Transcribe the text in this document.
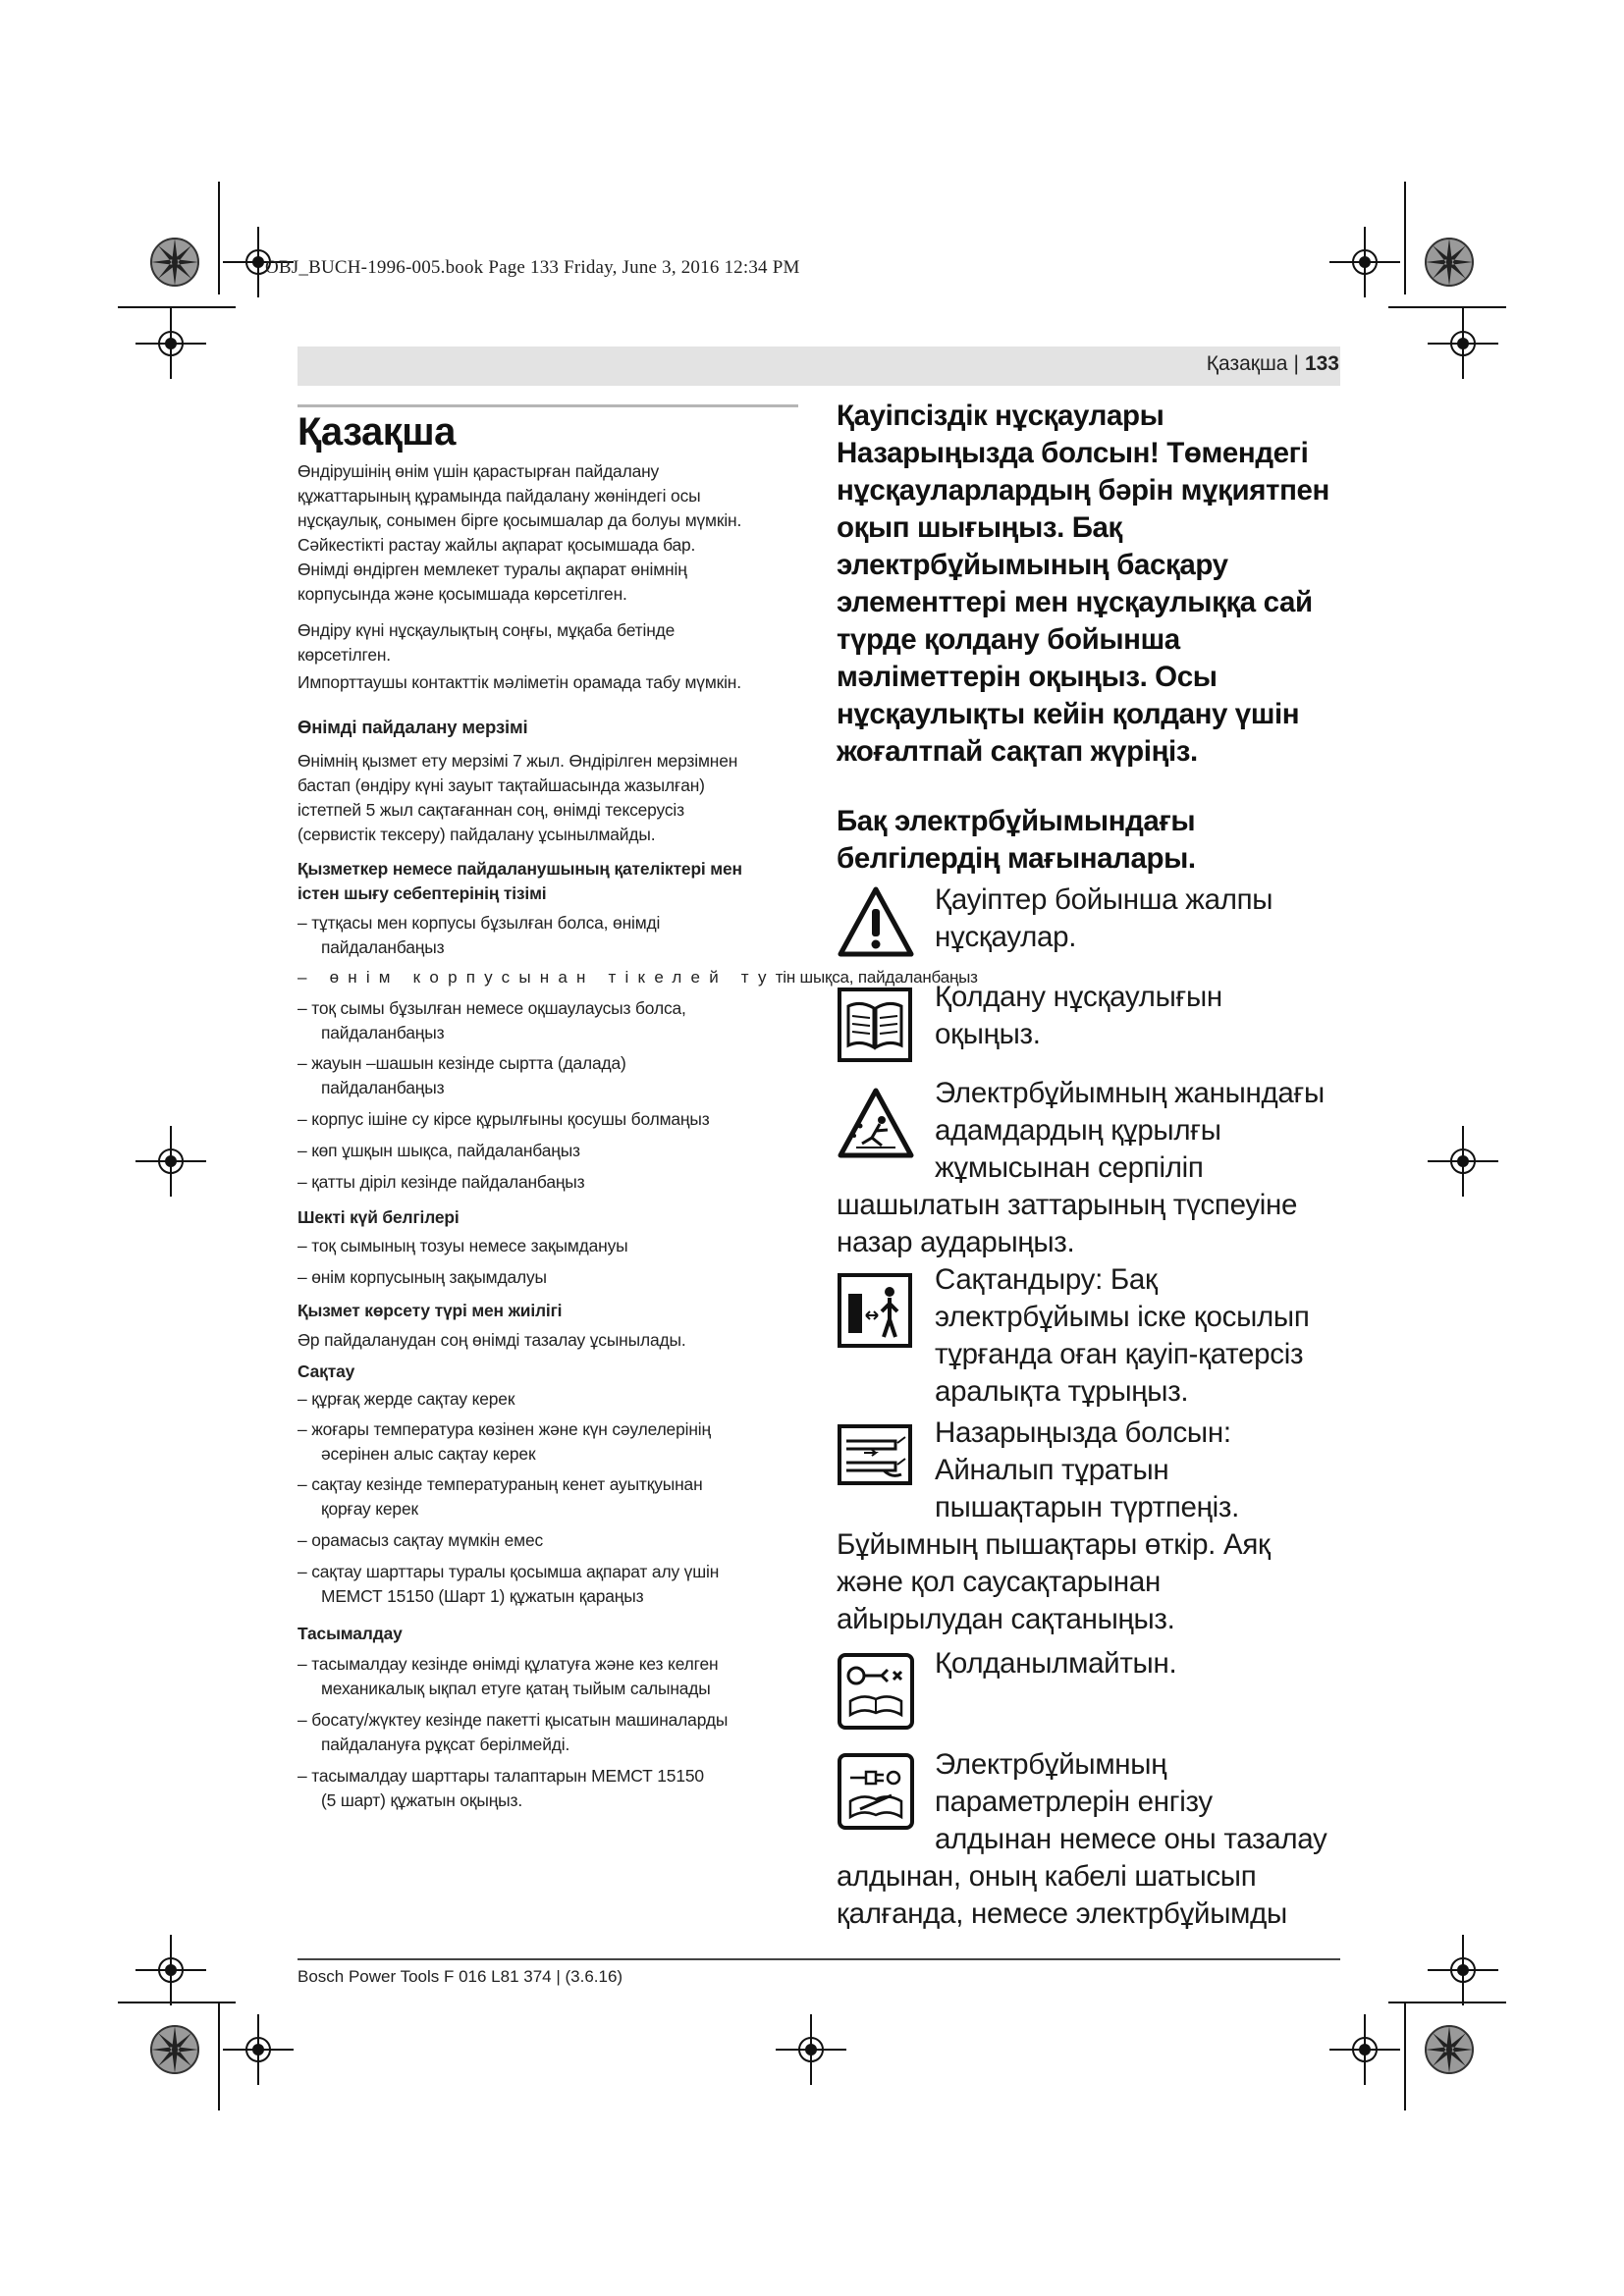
OBJ_BUCH-1996-005.book Page 133 Friday, June 3, 2016 12:34 PM
Қазақша | 133
Қазақша
Өндірушінің өнім үшін қарастырған пайдалану
құжаттарының құрамында пайдалану жөніндегі осы
нұсқаулық, сонымен бірге қосымшалар да болуы мүмкін.
Сәйкестікті растау жайлы ақпарат қосымшада бар.
Өнімді өндірген мемлекет туралы ақпарат өнімнің
корпусында және қосымшада көрсетілген.
Өндіру күні нұсқаулықтың соңғы, мұқаба бетінде
көрсетілген.
Импорттаушы контакттік мәліметін орамада табу мүмкін.
Өнімді пайдалану мерзімі
Өнімнің қызмет ету мерзімі 7 жыл. Өндірілген мерзімнен
бастап (өндіру күні зауыт тақтайшасында жазылған)
істетпей 5 жыл сақтағаннан соң, өнімді тексерусіз
(сервистік тексеру) пайдалану ұсынылмайды.
Қызметкер немесе пайдаланушының қателіктері мен
істен шығу себептерінің тізімі
– тұтқасы мен корпусы бұзылған болса, өнімді
пайдаланбаңыз
– өнім корпусынан тікелей тутін шықса, пайдаланбаңыз
– тоқ сымы бұзылған немесе оқшаулаусыз болса,
пайдаланбаңыз
– жауын –шашын кезінде сыртта (далада)
пайдаланбаңыз
– корпус ішіне су кірсе құрылғыны қосушы болмаңыз
– көп ұшқын шықса, пайдаланбаңыз
– қатты діріл кезінде пайдаланбаңыз
Шекті күй белгілері
– тоқ сымының тозуы немесе зақымдануы
– өнім корпусының зақымдалуы
Қызмет көрсету түрі мен жиілігі
Әр пайдаланудан соң өнімді тазалау ұсынылады.
Сақтау
– құрғақ жерде сақтау керек
– жоғары температура көзінен және күн сәулелерінің
әсерінен алыс сақтау керек
– сақтау кезінде температураның кенет ауытқуынан
қорғау керек
– орамасыз сақтау мүмкін емес
– сақтау шарттары туралы қосымша ақпарат алу үшін
МЕМСТ 15150 (Шарт 1) құжатын қараңыз
Тасымалдау
– тасымалдау кезінде өнімді құлатуға және кез келген
механикалық ықпал етуге қатаң тыйым салынады
– босату/жүктеу кезінде пакетті қысатын машиналарды
пайдалануға рұқсат берілмейді.
– тасымалдау шарттары талаптарын МЕМСТ 15150
(5 шарт) құжатын оқыңыз.
Қауіпсіздік нұсқаулары
Назарыңызда болсын! Төмендегі
нұсқауларлардың бәрін мұқиятпен
оқып шығыңыз. Бақ
электрбұйымының басқару
элементтері мен нұсқаулыққа сай
түрде қолдану бойынша
мәліметтерін оқыңыз. Осы
нұсқаулықты кейін қолдану үшін
жоғалтпай сақтап жүріңіз.
Бақ электрбұйымындағы
белгілердің мағыналары.
Қауіптер бойынша жалпы
нұсқаулар.
Қолдану нұсқаулығын
оқыңыз.
Электрбұйымның жанындағы
адамдардың құрылғы
жұмысынан серпіліп
шашылатын заттарының түспеуіне
назар аударыңыз.
Сақтандыру: Бақ
электрбұйымы іске қосылып
тұрғанда оған қауіп-қатерсіз
аралықта тұрыңыз.
Назарыңызда болсын:
Айналып тұратын
пышақтарын түртпеңіз.
Бұйымның пышақтары өткір. Аяқ
және қол саусақтарынан
айырылудан сақтаныңыз.
Қолданылмайтын.
Электрбұйымның
параметрлерін енгізу
алдынан немесе оны тазалау
алдынан, оның кабелі шатысып
қалғанда, немесе электрбұйымды
Bosch Power Tools F 016 L81 374 | (3.6.16)
